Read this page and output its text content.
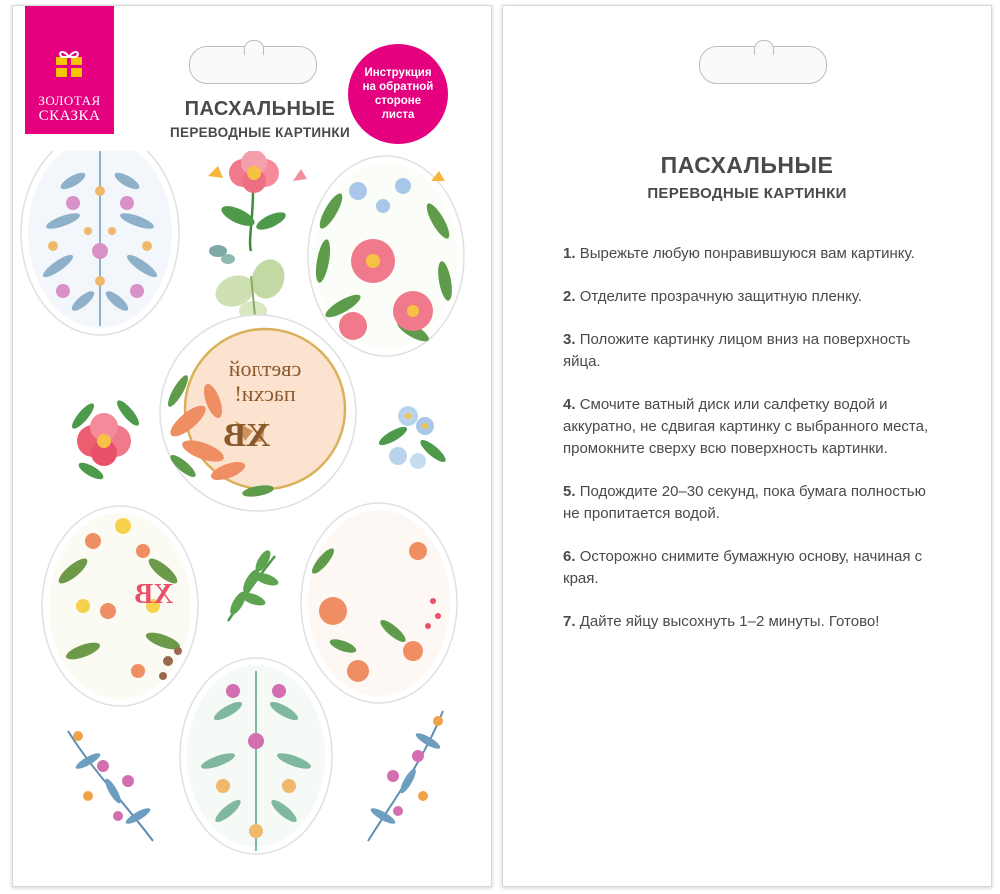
ЗОЛОТАЯ
СКАЗКА	ПАСХАЛЬНЫЕ
ПЕРЕВОДНЫЕ КАРТИНКИ
Инструкция
на обратной
стороне
листа
светлой
пасхи!
ХВ
ХВ
ПАСХАЛЬНЫЕ
ПЕРЕВОДНЫЕ КАРТИНКИ
1. Вырежьте любую понравившуюся вам картинку.
2. Отделите прозрачную защитную пленку.
3. Положите картинку лицом вниз на поверхность яйца.
4. Смочите ватный диск или салфетку водой и аккуратно, не сдвигая картинку с выбранного места, промокните сверху всю поверхность картинки.
5. Подождите 20–30 секунд, пока бумага полностью не пропитается водой.
6. Осторожно снимите бумажную основу, начиная с края.
7. Дайте яйцу высохнуть 1–2 минуты. Готово!
